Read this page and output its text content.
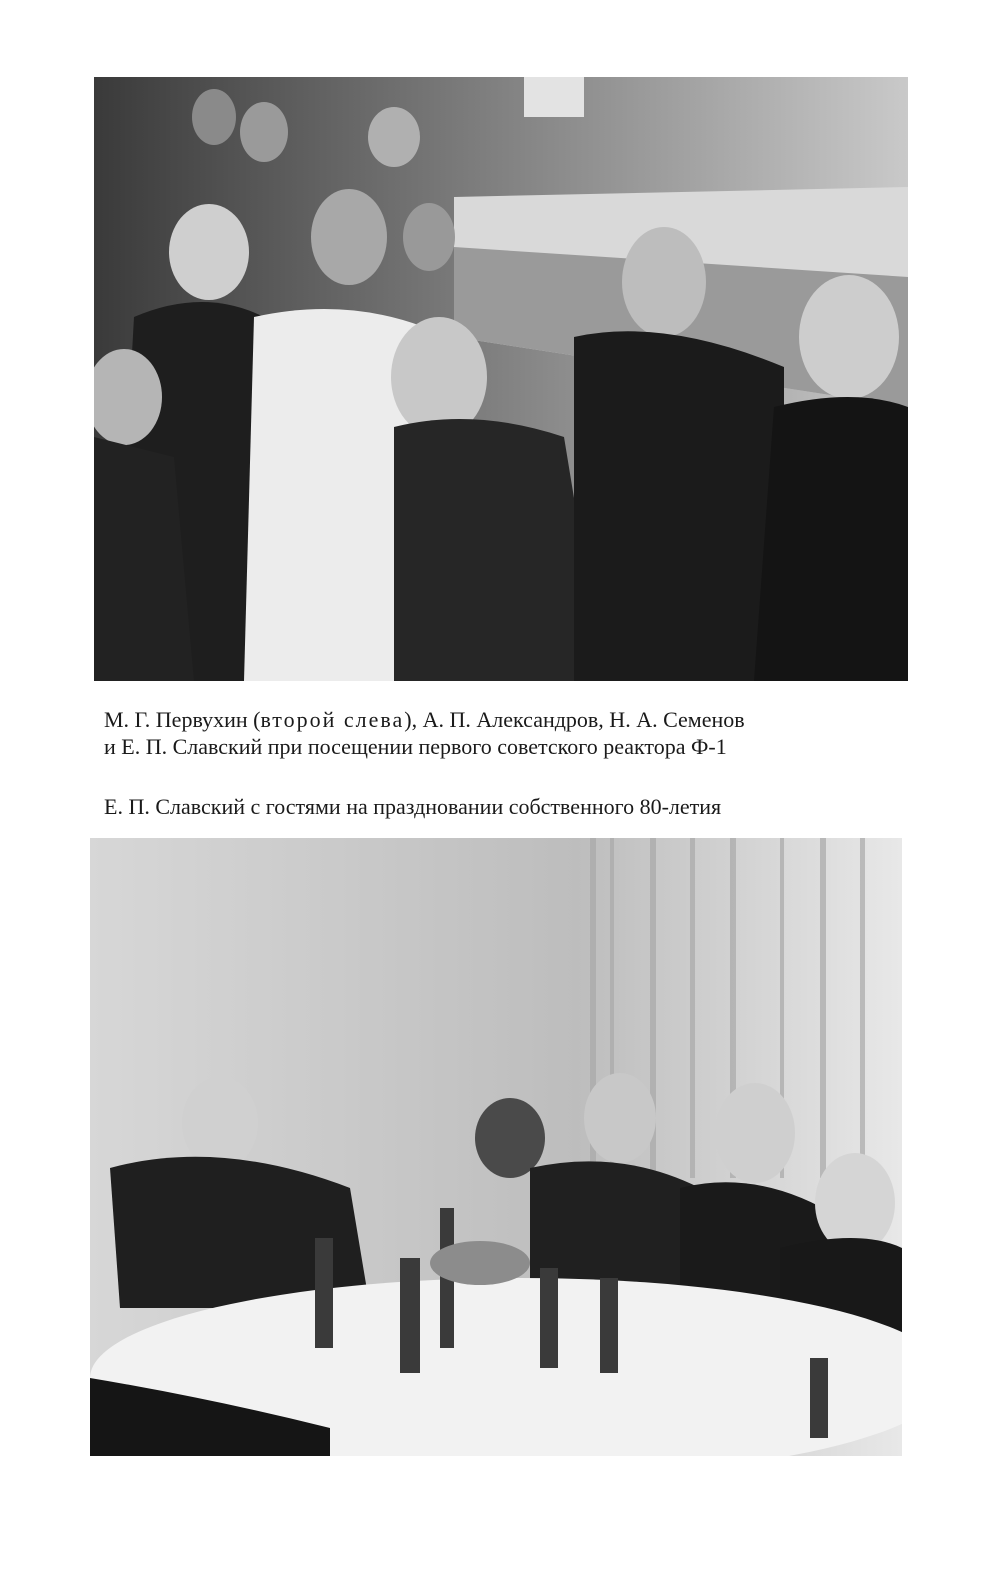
М. Г. Первухин (второй слева), А. П. Александров, Н. А. Семенов
и Е. П. Славский при посещении первого советского реактора Ф-1
Е. П. Славский с гостями на праздновании собственного 80-летия
